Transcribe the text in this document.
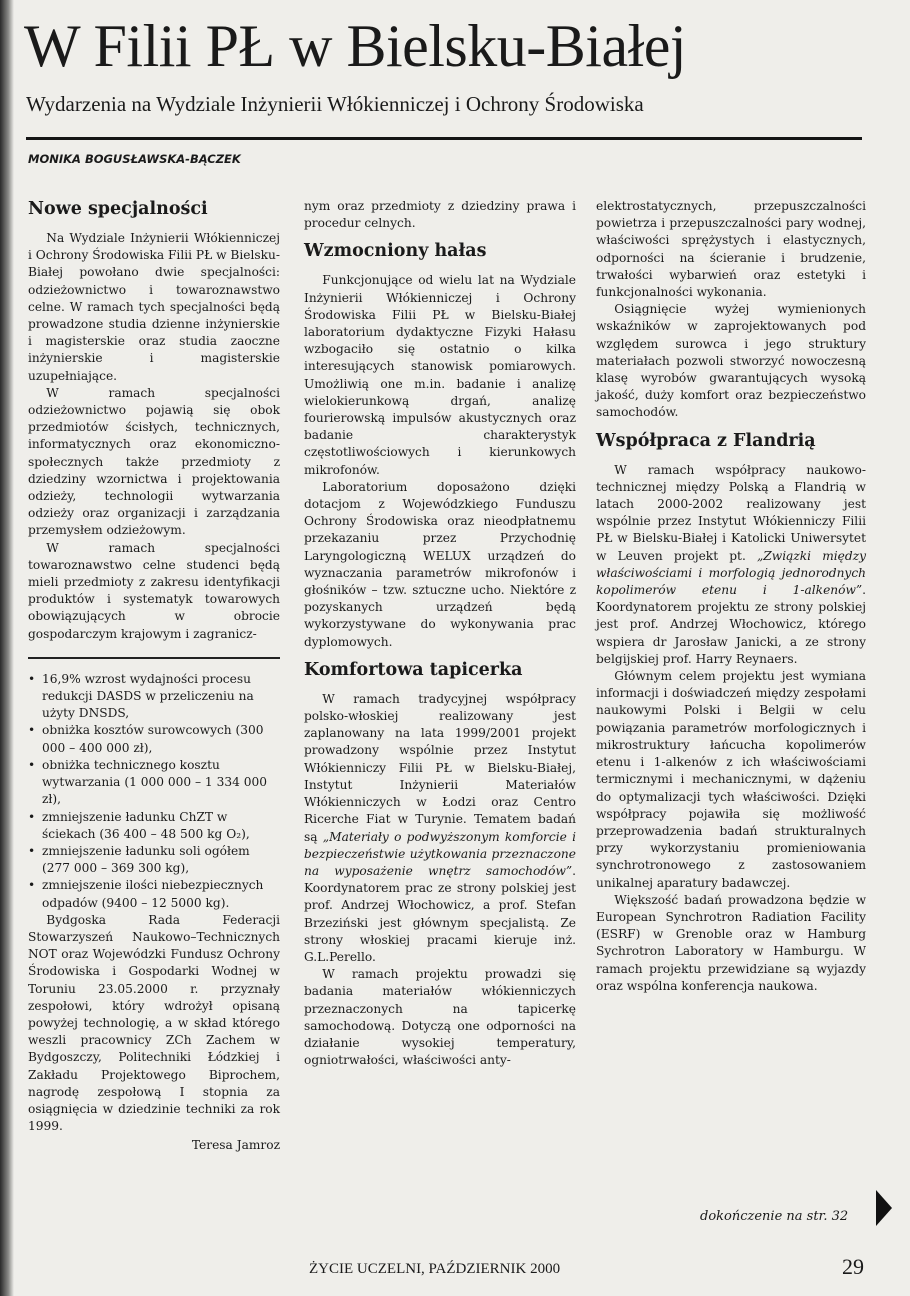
W Filii PŁ w Bielsku-Białej
Wydarzenia na Wydziale Inżynierii Włókienniczej i Ochrony Środowiska
MONIKA BOGUSŁAWSKA-BĄCZEK
Nowe specjalności

Na Wydziale Inżynierii Włókienniczej i Ochrony Środowiska Filii PŁ w Bielsku-Białej powołano dwie specjalności: odzieżownictwo i towaroznawstwo celne. W ramach tych specjalności będą prowadzone studia dzienne inżynierskie i magisterskie oraz studia zaoczne inżynierskie i magisterskie uzupełniające.

W ramach specjalności odzieżownictwo pojawią się obok przedmiotów ścisłych, technicznych, informatycznych oraz ekonomiczno-społecznych także przedmioty z dziedziny wzornictwa i projektowania odzieży, technologii wytwarzania odzieży oraz organizacji i zarządzania przemysłem odzieżowym.

W ramach specjalności towaroznawstwo celne studenci będą mieli przedmioty z zakresu identyfikacji produktów i systematyk towarowych obowiązujących w obrocie gospodarczym krajowym i zagranicz-

• 16,9% wzrost wydajności procesu redukcji DASDS w przeliczeniu na użyty DNSDS,
• obniżka kosztów surowcowych (300 000 – 400 000 zł),
• obniżka technicznego kosztu wytwarzania (1 000 000 – 1 334 000 zł),
• zmniejszenie ładunku ChZT w ściekach (36 400 – 48 500 kg O₂),
• zmniejszenie ładunku soli ogółem (277 000 – 369 300 kg),
• zmniejszenie ilości niebezpiecznych odpadów (9400 – 12 5000 kg).

Bydgoska Rada Federacji Stowarzyszeń Naukowo–Technicznych NOT oraz Wojewódzki Fundusz Ochrony Środowiska i Gospodarki Wodnej w Toruniu 23.05.2000 r. przyznały zespołowi, który wdrożył opisaną powyżej technologię, a w skład którego weszli pracownicy ZCh Zachem w Bydgoszczy, Politechniki Łódzkiej i Zakładu Projektowego Biprochem, nagrodę zespołową I stopnia za osiągnięcia w dziedzinie techniki za rok 1999.

Teresa Jamroz

nym oraz przedmioty z dziedziny prawa i procedur celnych.

Wzmocniony hałas

Funkcjonujące od wielu lat na Wydziale Inżynierii Włókienniczej i Ochrony Środowiska Filii PŁ w Bielsku-Białej laboratorium dydaktyczne Fizyki Hałasu wzbogaciło się ostatnio o kilka interesujących stanowisk pomiarowych. Umożliwią one m.in. badanie i analizę wielokierunkową drgań, analizę fourierowską impulsów akustycznych oraz badanie charakterystyk częstotliwościowych i kierunkowych mikrofonów.

Laboratorium doposażono dzięki dotacjom z Wojewódzkiego Funduszu Ochrony Środowiska oraz nieodpłatnemu przekazaniu przez Przychodnię Laryngologiczną WELUX urządzeń do wyznaczania parametrów mikrofonów i głośników – tzw. sztuczne ucho. Niektóre z pozyskanych urządzeń będą wykorzystywane do wykonywania prac dyplomowych.

Komfortowa tapicerka

W ramach tradycyjnej współpracy polsko-włoskiej realizowany jest zaplanowany na lata 1999/2001 projekt prowadzony wspólnie przez Instytut Włókienniczy Filii PŁ w Bielsku-Białej, Instytut Inżynierii Materiałów Włókienniczych w Łodzi oraz Centro Ricerche Fiat w Turynie. Tematem badań są „Materiały o podwyższonym komforcie i bezpieczeństwie użytkowania przeznaczone na wyposażenie wnętrz samochodów”. Koordynatorem prac ze strony polskiej jest prof. Andrzej Włochowicz, a prof. Stefan Brzeziński jest głównym specjalistą. Ze strony włoskiej pracami kieruje inż. G.L.Perello.

W ramach projektu prowadzi się badania materiałów włókienniczych przeznaczonych na tapicerkę samochodową. Dotyczą one odporności na działanie wysokiej temperatury, ogniotrwałości, właściwości anty-

elektrostatycznych, przepuszczalności powietrza i przepuszczalności pary wodnej, właściwości sprężystych i elastycznych, odporności na ścieranie i brudzenie, trwałości wybarwień oraz estetyki i funkcjonalności wykonania.

Osiągnięcie wyżej wymienionych wskaźników w zaprojektowanych pod względem surowca i jego struktury materiałach pozwoli stworzyć nowoczesną klasę wyrobów gwarantujących wysoką jakość, duży komfort oraz bezpieczeństwo samochodów.

Współpraca z Flandrią

W ramach współpracy naukowo-technicznej między Polską a Flandrią w latach 2000-2002 realizowany jest wspólnie przez Instytut Włókienniczy Filii PŁ w Bielsku-Białej i Katolicki Uniwersytet w Leuven projekt pt. „Związki między właściwościami i morfologią jednorodnych kopolimerów etenu i 1-alkenów”. Koordynatorem projektu ze strony polskiej jest prof. Andrzej Włochowicz, którego wspiera dr Jarosław Janicki, a ze strony belgijskiej prof. Harry Reynaers.

Głównym celem projektu jest wymiana informacji i doświadczeń między zespołami naukowymi Polski i Belgii w celu powiązania parametrów morfologicznych i mikrostruktury łańcucha kopolimerów etenu i 1-alkenów z ich właściwościami termicznymi i mechanicznymi, w dążeniu do optymalizacji tych właściwości. Dzięki współpracy pojawiła się możliwość przeprowadzenia badań strukturalnych przy wykorzystaniu promieniowania synchrotronowego z zastosowaniem unikalnej aparatury badawczej.

Większość badań prowadzona będzie w European Synchrotron Radiation Facility (ESRF) w Grenoble oraz w Hamburg Sychrotron Laboratory w Hamburgu. W ramach projektu przewidziane są wyjazdy oraz wspólna konferencja naukowa.

dokończenie na str. 32
ŻYCIE UCZELNI, PAŹDZIERNIK 2000	29
